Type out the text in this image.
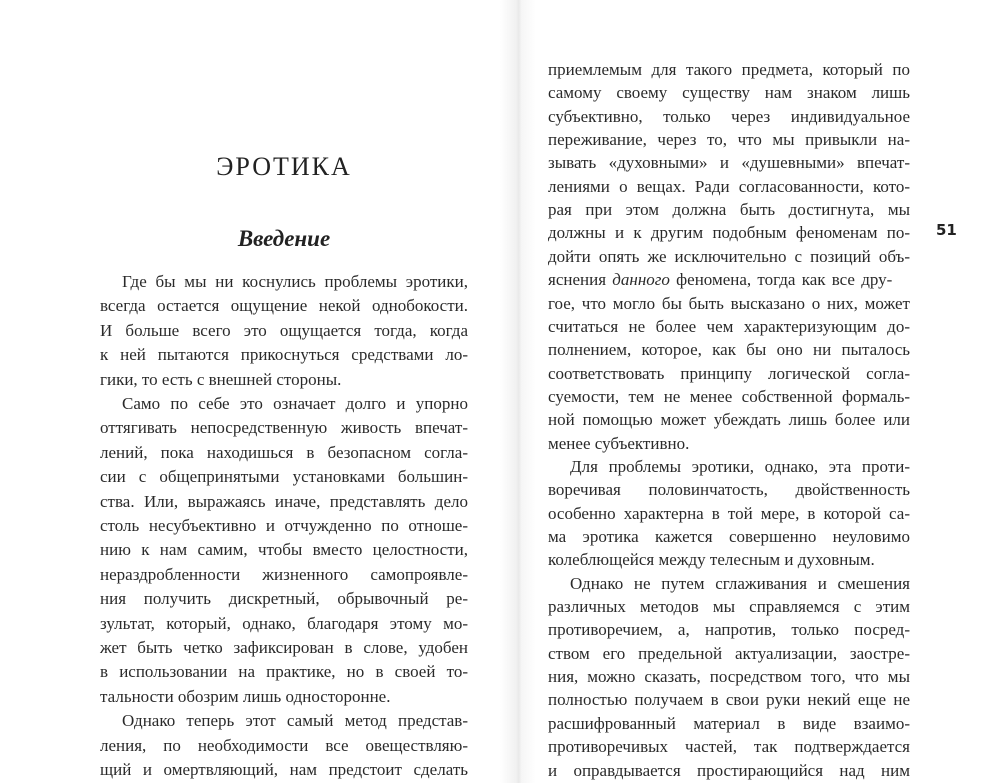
ЭРОТИКА
Введение
Где бы мы ни коснулись проблемы эротики,
всегда остается ощущение некой однобокости.
И больше всего это ощущается тогда, когда
к ней пытаются прикоснуться средствами ло-
гики, то есть с внешней стороны.
Само по себе это означает долго и упорно
оттягивать непосредственную живость впечат-
лений, пока находишься в безопасном согла-
сии с общепринятыми установками большин-
ства. Или, выражаясь иначе, представлять дело
столь несубъективно и отчужденно по отноше-
нию к нам самим, чтобы вместо целостности,
нераздробленности жизненного самопроявле-
ния получить дискретный, обрывочный ре-
зультат, который, однако, благодаря этому мо-
жет быть четко зафиксирован в слове, удобен
в использовании на практике, но в своей то-
тальности обозрим лишь односторонне.
Однако теперь этот самый метод представ-
ления, по необходимости все овеществляю-
щий и омертвляющий, нам предстоит сделать
приемлемым для такого предмета, который по
самому своему существу нам знаком лишь
субъективно, только через индивидуальное
переживание, через то, что мы привыкли на-
зывать «духовными» и «душевными» впечат-
лениями о вещах. Ради согласованности, кото-
рая при этом должна быть достигнута, мы
должны и к другим подобным феноменам по-
дойти опять же исключительно с позиций объ-
яснения данного феномена, тогда как все дру-
гое, что могло бы быть высказано о них, может
считаться не более чем характеризующим до-
полнением, которое, как бы оно ни пыталось
соответствовать принципу логической согла-
суемости, тем не менее собственной формаль-
ной помощью может убеждать лишь более или
менее субъективно.
Для проблемы эротики, однако, эта проти-
воречивая половинчатость, двойственность
особенно характерна в той мере, в которой са-
ма эротика кажется совершенно неуловимо
колеблющейся между телесным и духовным.
Однако не путем сглаживания и смешения
различных методов мы справляемся с этим
противоречием, а, напротив, только посред-
ством его предельной актуализации, заостре-
ния, можно сказать, посредством того, что мы
полностью получаем в свои руки некий еще не
расшифрованный материал в виде взаимо-
противоречивых частей, так подтверждается
и оправдывается простирающийся над ним
51
